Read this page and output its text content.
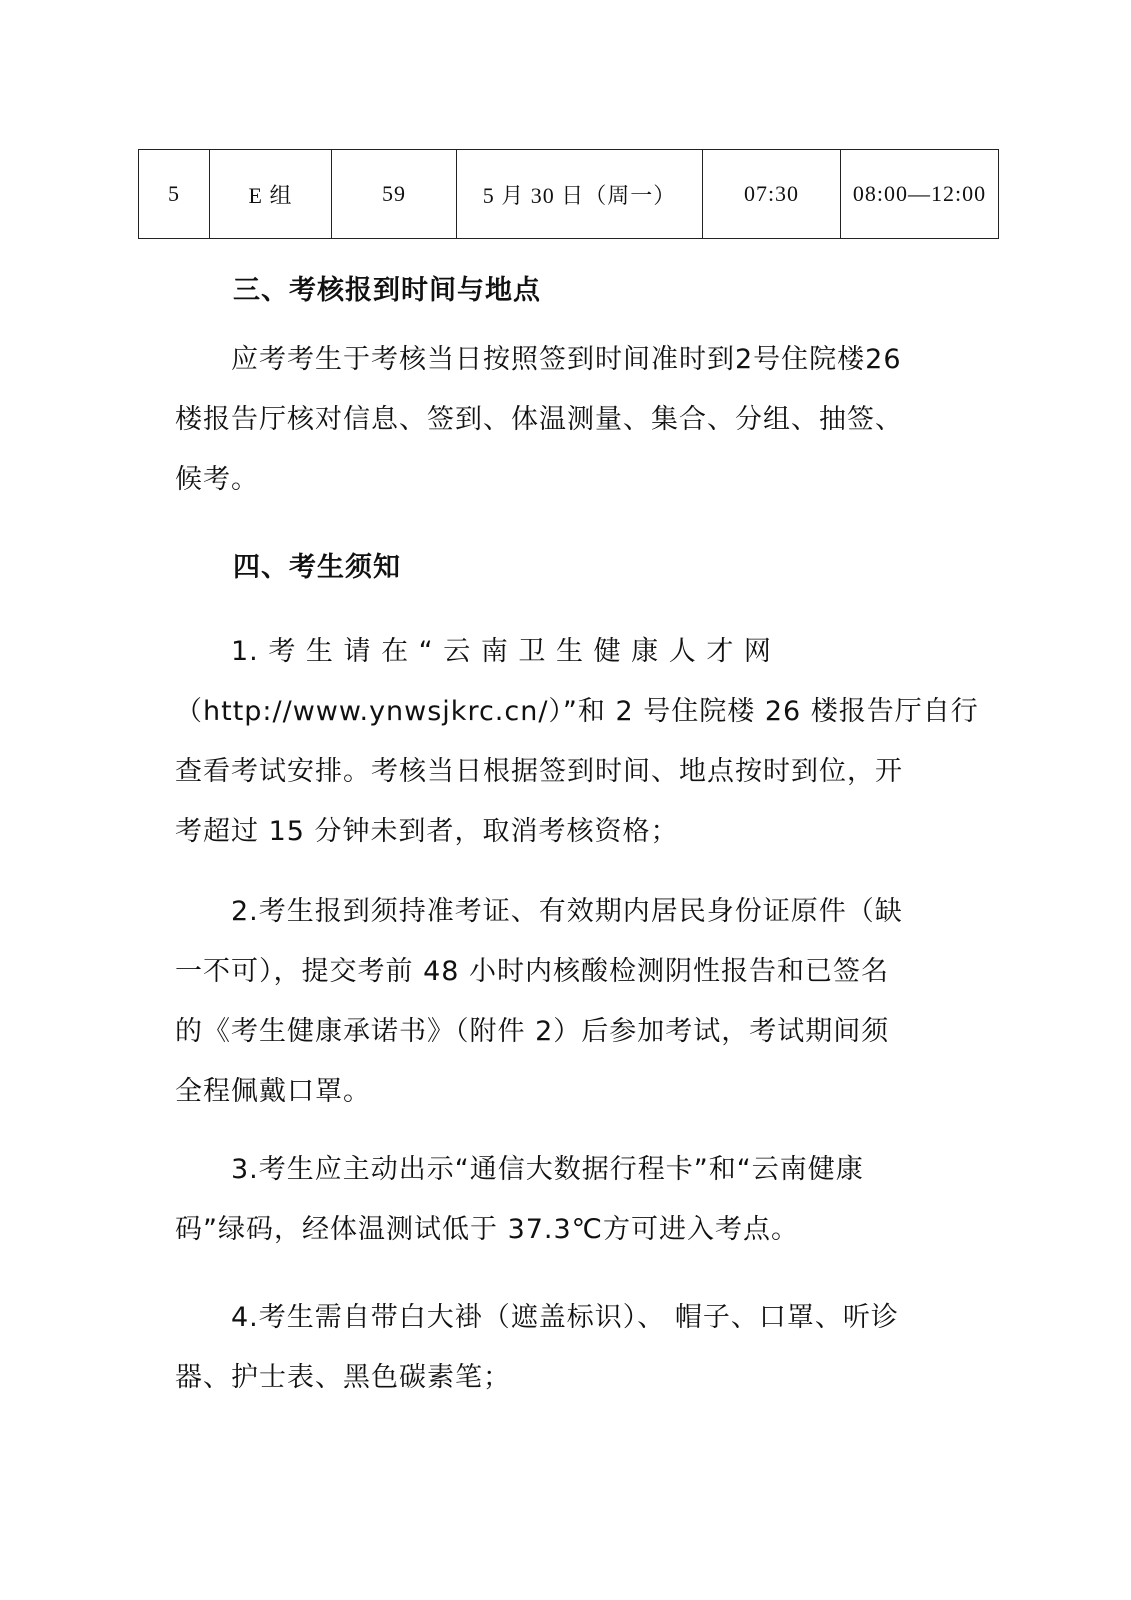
5	E 组	59	5 月 30 日（周一）	07:30	08:00—12:00
三、考核报到时间与地点
应考考生于考核当日按照签到时间准时到2号住院楼26
楼报告厅核对信息、签到、体温测量、集合、分组、抽签、
候考。
四、考生须知
1. 考 生 请 在 “ 云 南 卫 生 健 康 人 才 网
（http://www.ynwsjkrc.cn/）”和 2 号住院楼 26 楼报告厅自行
查看考试安排。考核当日根据签到时间、地点按时到位，开
考超过 15 分钟未到者，取消考核资格；
2.考生报到须持准考证、有效期内居民身份证原件（缺
一不可），提交考前 48 小时内核酸检测阴性报告和已签名
的《考生健康承诺书》（附件 2）后参加考试，考试期间须
全程佩戴口罩。
3.考生应主动出示“通信大数据行程卡”和“云南健康
码”绿码，经体温测试低于 37.3℃方可进入考点。
4.考生需自带白大褂（遮盖标识）、 帽子、口罩、听诊
器、护士表、黑色碳素笔；
